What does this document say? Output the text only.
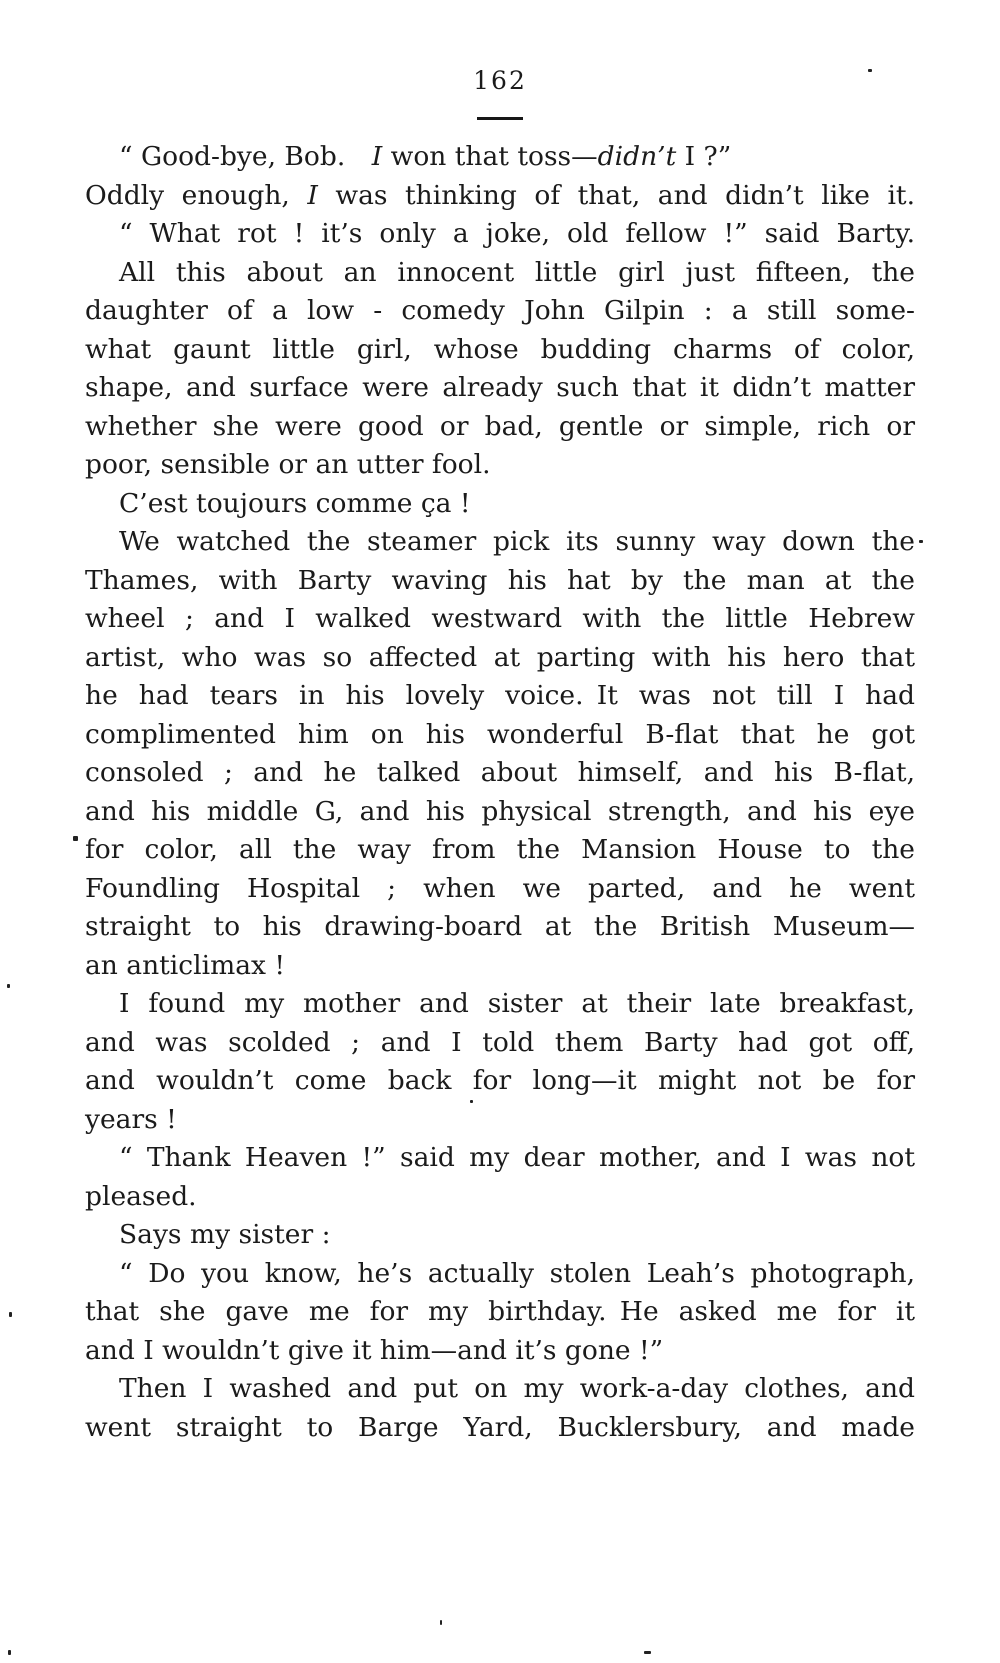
162
“ Good-bye, Bob. I won that toss—didn’t I ?”
Oddly enough, I was thinking of that, and didn’t like it.
“ What rot ! it’s only a joke, old fellow !” said Barty.
All this about an innocent little girl just fifteen, the
daughter of a low - comedy John Gilpin : a still some-
what gaunt little girl, whose budding charms of color,
shape, and surface were already such that it didn’t matter
whether she were good or bad, gentle or simple, rich or
poor, sensible or an utter fool.
C’est toujours comme ça !
We watched the steamer pick its sunny way down the
Thames, with Barty waving his hat by the man at the
wheel ; and I walked westward with the little Hebrew
artist, who was so affected at parting with his hero that
he had tears in his lovely voice. It was not till I had
complimented him on his wonderful B-flat that he got
consoled ; and he talked about himself, and his B-flat,
and his middle G, and his physical strength, and his eye
for color, all the way from the Mansion House to the
Foundling Hospital ; when we parted, and he went
straight to his drawing-board at the British Museum—
an anticlimax !
I found my mother and sister at their late breakfast,
and was scolded ; and I told them Barty had got off,
and wouldn’t come back for long—it might not be for
years !
“ Thank Heaven !” said my dear mother, and I was not
pleased.
Says my sister :
“ Do you know, he’s actually stolen Leah’s photograph,
that she gave me for my birthday. He asked me for it
and I wouldn’t give it him—and it’s gone !”
Then I washed and put on my work-a-day clothes, and
went straight to Barge Yard, Bucklersbury, and made
